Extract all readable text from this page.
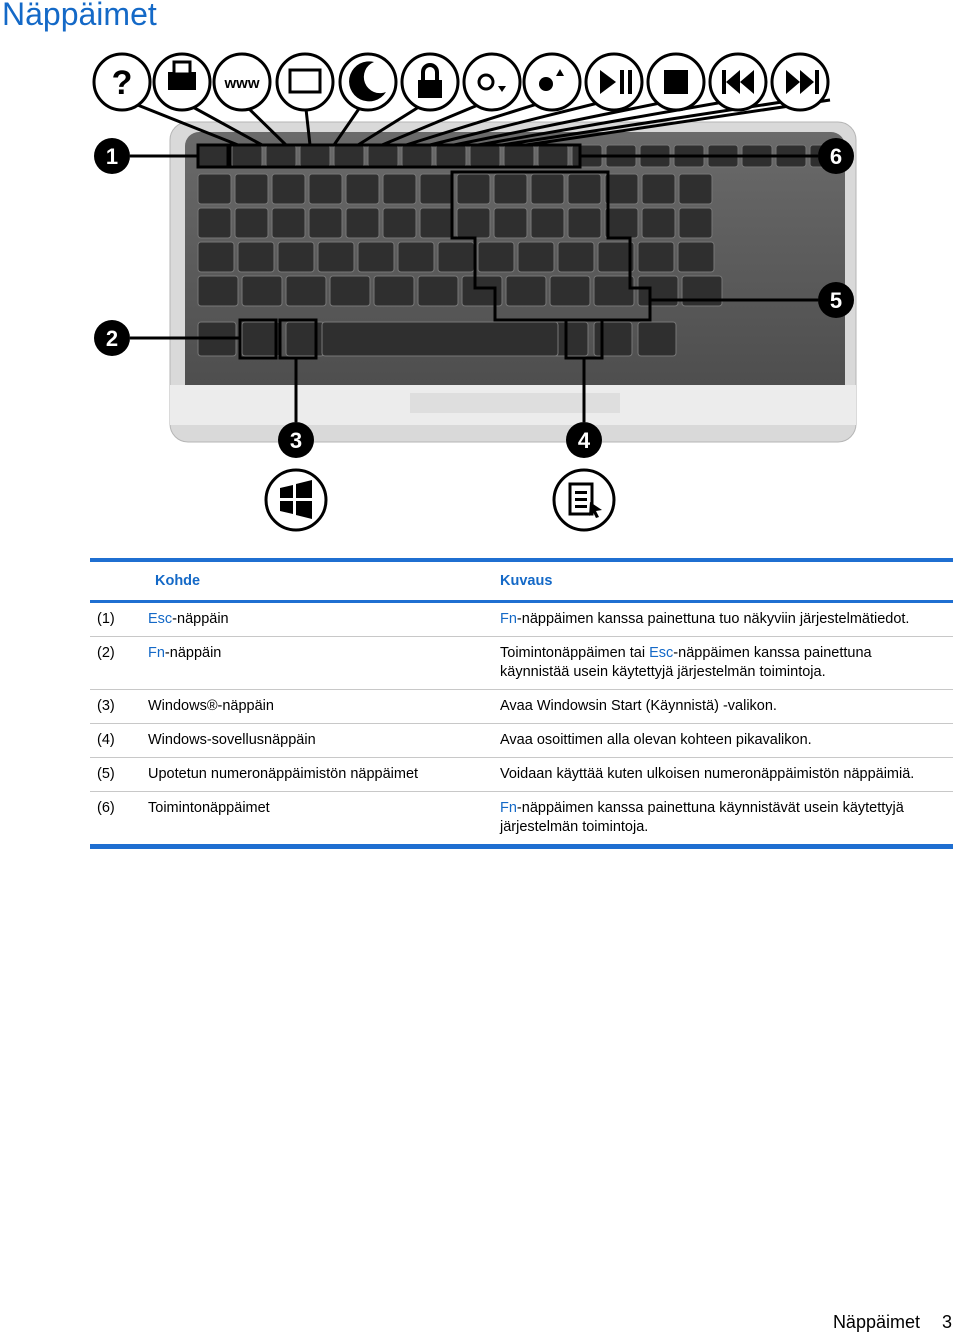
Näppäimet
?	www
1
2
3	4
5
6
Kohde	Kuvaus
(1)	Esc-näppäin	Fn-näppäimen kanssa painettuna tuo näkyviin järjestelmätiedot.
(2)	Fn-näppäin	Toimintonäppäimen tai Esc-näppäimen kanssa painettuna
käynnistää usein käytettyjä järjestelmän toimintoja.
(3)	Windows®-näppäin	Avaa Windowsin Start (Käynnistä) -valikon.
(4)	Windows-sovellusnäppäin	Avaa osoittimen alla olevan kohteen pikavalikon.
(5)	Upotetun numeronäppäimistön näppäimet	Voidaan käyttää kuten ulkoisen numeronäppäimistön näppäimiä.
(6)	Toimintonäppäimet	Fn-näppäimen kanssa painettuna käynnistävät usein käytettyjä
järjestelmän toimintoja.
Näppäimet 3
